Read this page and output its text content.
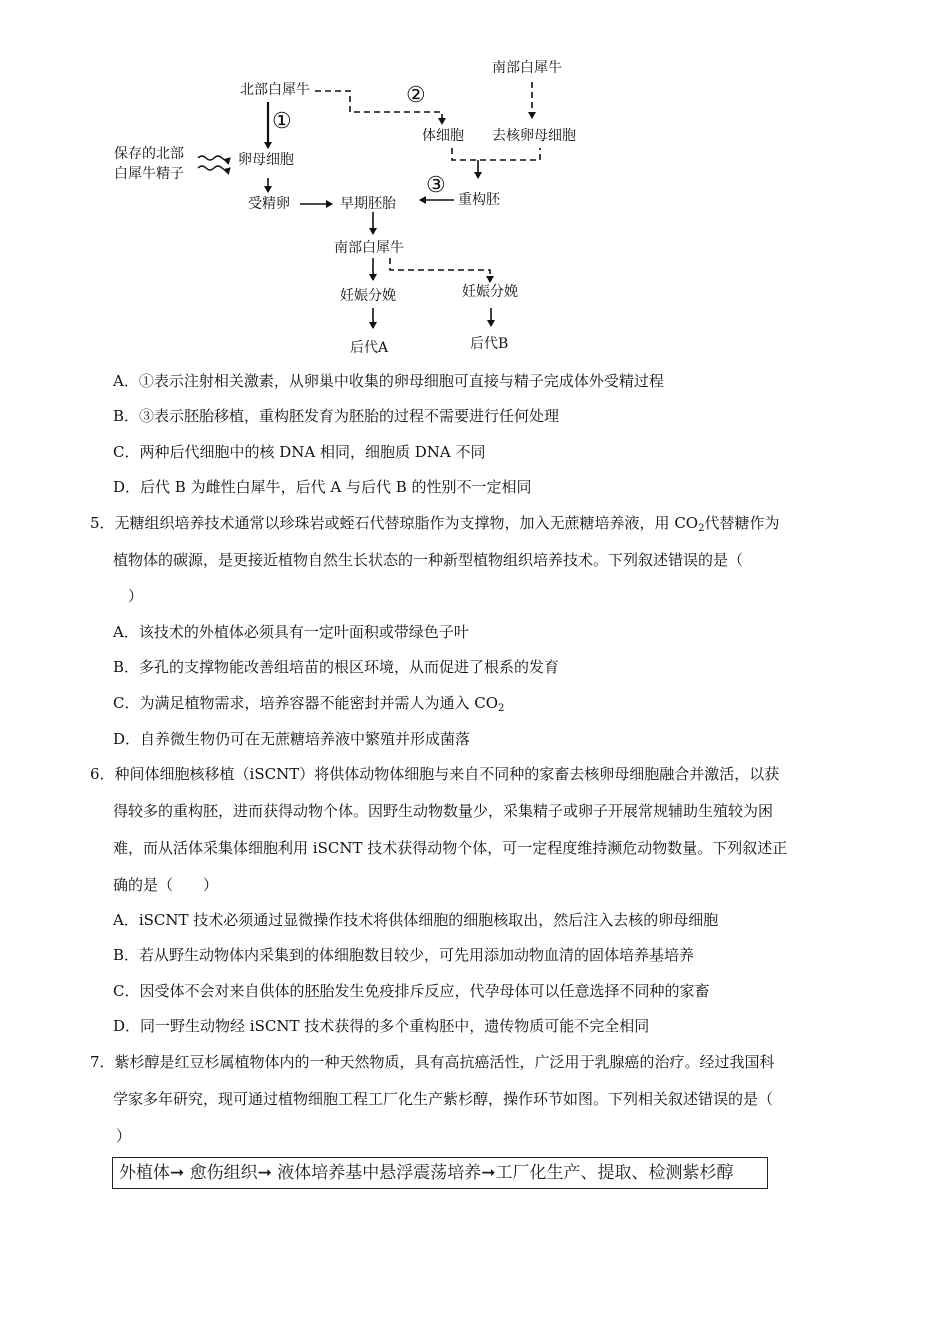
北部白犀牛
南部白犀牛
①
②
③
保存的北部
白犀牛精子
卵母细胞
体细胞 去核卵母细胞
受精卵	早期胚胎	重构胚
南部白犀牛
妊娠分娩	妊娠分娩
后代A	后代B
A．①表示注射相关激素，从卵巢中收集的卵母细胞可直接与精子完成体外受精过程
B．③表示胚胎移植，重构胚发育为胚胎的过程不需要进行任何处理
C．两种后代细胞中的核 DNA 相同，细胞质 DNA 不同
D．后代 B 为雌性白犀牛，后代 A 与后代 B 的性别不一定相同
5．无糖组织培养技术通常以珍珠岩或蛭石代替琼脂作为支撑物，加入无蔗糖培养液，用 $CO_2$代替糖作为
植物体的碳源，是更接近植物自然生长状态的一种新型植物组织培养技术。下列叙述错误的是（
）
A．该技术的外植体必须具有一定叶面积或带绿色子叶
B．多孔的支撑物能改善组培苗的根区环境，从而促进了根系的发育
C．为满足植物需求，培养容器不能密封并需人为通入 $CO_2$
D．自养微生物仍可在无蔗糖培养液中繁殖并形成菌落
6．种间体细胞核移植（iSCNT）将供体动物体细胞与来自不同种的家畜去核卵母细胞融合并激活，以获
得较多的重构胚，进而获得动物个体。因野生动物数量少，采集精子或卵子开展常规辅助生殖较为困
难，而从活体采集体细胞利用 iSCNT 技术获得动物个体，可一定程度维持濒危动物数量。下列叙述正
确的是（　　）
A．iSCNT 技术必须通过显微操作技术将供体细胞的细胞核取出，然后注入去核的卵母细胞
B．若从野生动物体内采集到的体细胞数目较少，可先用添加动物血清的固体培养基培养
C．因受体不会对来自供体的胚胎发生免疫排斥反应，代孕母体可以任意选择不同种的家畜
D．同一野生动物经 iSCNT 技术获得的多个重构胚中，遗传物质可能不完全相同
7．紫杉醇是红豆杉属植物体内的一种天然物质，具有高抗癌活性，广泛用于乳腺癌的治疗。经过我国科
学家多年研究，现可通过植物细胞工程工厂化生产紫杉醇，操作环节如图。下列相关叙述错误的是（
）
外植体➞ 愈伤组织➞ 液体培养基中悬浮震荡培养➞工厂化生产、提取、检测紫杉醇
